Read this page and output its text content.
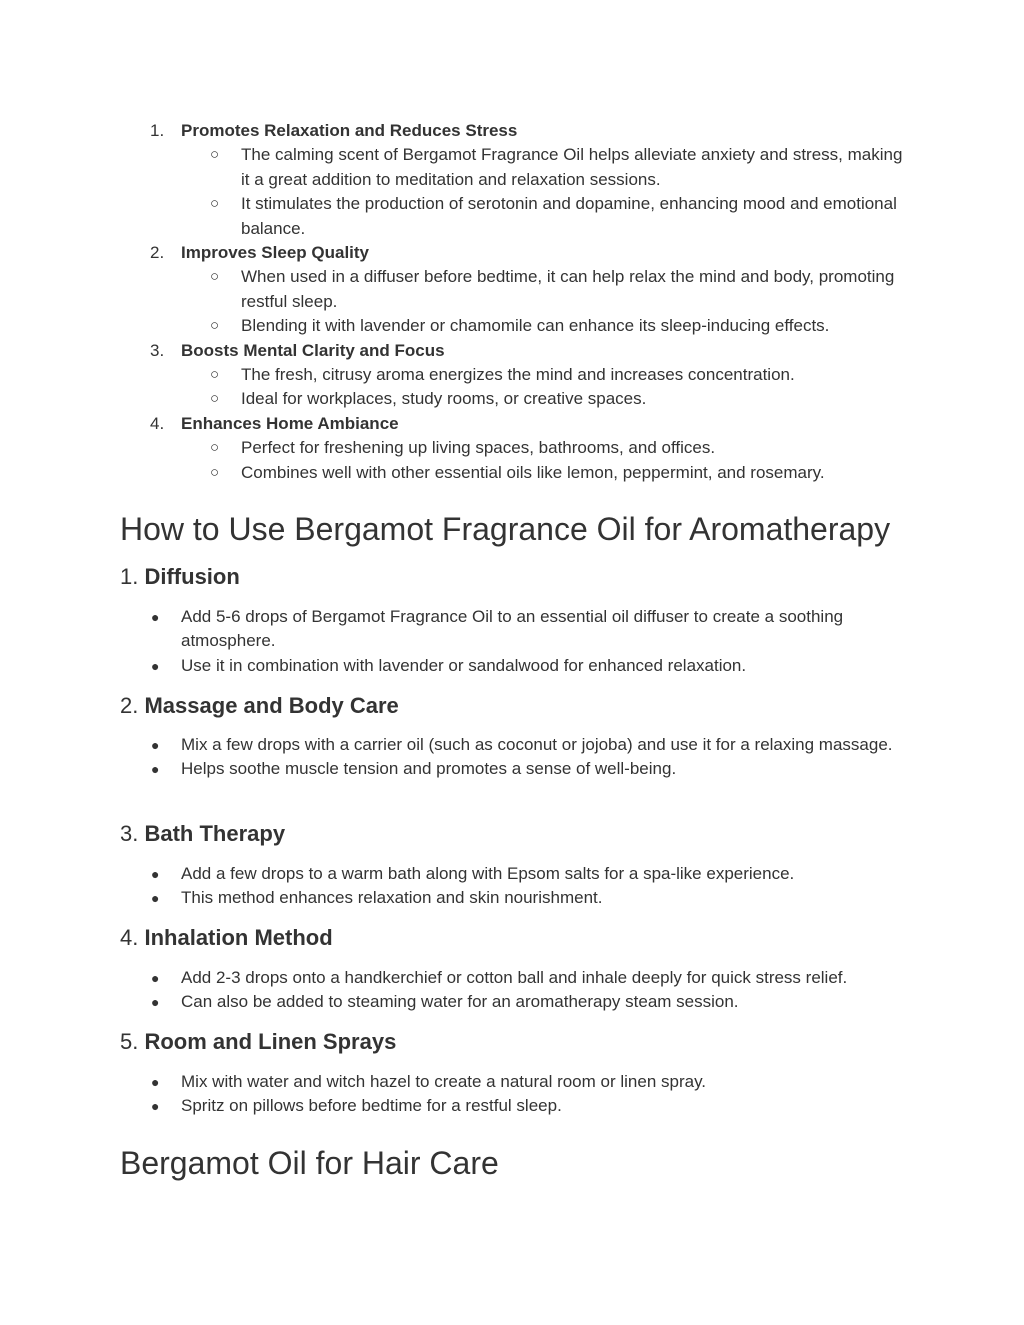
1. Promotes Relaxation and Reduces Stress
○ The calming scent of Bergamot Fragrance Oil helps alleviate anxiety and stress, making it a great addition to meditation and relaxation sessions.
○ It stimulates the production of serotonin and dopamine, enhancing mood and emotional balance.
2. Improves Sleep Quality
○ When used in a diffuser before bedtime, it can help relax the mind and body, promoting restful sleep.
○ Blending it with lavender or chamomile can enhance its sleep-inducing effects.
3. Boosts Mental Clarity and Focus
○ The fresh, citrusy aroma energizes the mind and increases concentration.
○ Ideal for workplaces, study rooms, or creative spaces.
4. Enhances Home Ambiance
○ Perfect for freshening up living spaces, bathrooms, and offices.
○ Combines well with other essential oils like lemon, peppermint, and rosemary.
How to Use Bergamot Fragrance Oil for Aromatherapy
1. Diffusion
● Add 5-6 drops of Bergamot Fragrance Oil to an essential oil diffuser to create a soothing atmosphere.
● Use it in combination with lavender or sandalwood for enhanced relaxation.
2. Massage and Body Care
● Mix a few drops with a carrier oil (such as coconut or jojoba) and use it for a relaxing massage.
● Helps soothe muscle tension and promotes a sense of well-being.
3. Bath Therapy
● Add a few drops to a warm bath along with Epsom salts for a spa-like experience.
● This method enhances relaxation and skin nourishment.
4. Inhalation Method
● Add 2-3 drops onto a handkerchief or cotton ball and inhale deeply for quick stress relief.
● Can also be added to steaming water for an aromatherapy steam session.
5. Room and Linen Sprays
● Mix with water and witch hazel to create a natural room or linen spray.
● Spritz on pillows before bedtime for a restful sleep.
Bergamot Oil for Hair Care
